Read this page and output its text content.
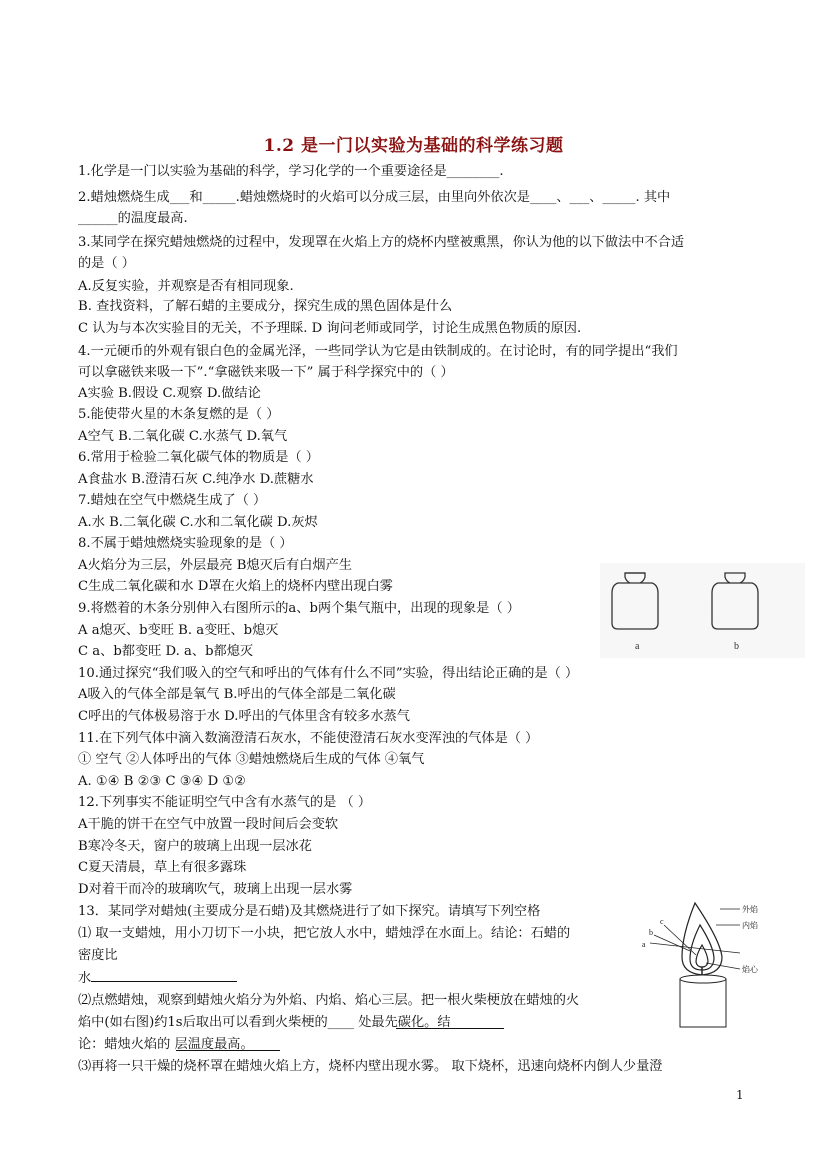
1.2 是一门以实验为基础的科学练习题
1.化学是一门以实验为基础的科学，学习化学的一个重要途径是________.
2.蜡烛燃烧生成___和_____.蜡烛燃烧时的火焰可以分成三层，由里向外依次是____、___、_____. 其中
______的温度最高.
3.某同学在探究蜡烛燃烧的过程中，发现罩在火焰上方的烧杯内壁被熏黑，你认为他的以下做法中不合适
的是（ ）
A.反复实验，并观察是否有相同现象.
B. 查找资料，了解石蜡的主要成分，探究生成的黑色固体是什么
C 认为与本次实验目的无关，不予理睬. D 询问老师或同学，讨论生成黑色物质的原因.
4.一元硬币的外观有银白色的金属光泽，一些同学认为它是由铁制成的。在讨论时，有的同学提出“我们
可以拿磁铁来吸一下”.“拿磁铁来吸一下” 属于科学探究中的（ ）
A实验 B.假设 C.观察 D.做结论
5.能使带火星的木条复燃的是（ ）
A空气 B.二氧化碳 C.水蒸气 D.氧气
6.常用于检验二氧化碳气体的物质是（ ）
A食盐水 B.澄清石灰 C.纯净水 D.蔗糖水
7.蜡烛在空气中燃烧生成了（ ）
A.水 B.二氧化碳 C.水和二氧化碳 D.灰烬
8.不属于蜡烛燃烧实验现象的是（ ）
A火焰分为三层，外层最亮 B熄灭后有白烟产生
C生成二氧化碳和水 D罩在火焰上的烧杯内壁出现白雾
9.将燃着的木条分别伸入右图所示的a、b两个集气瓶中，出现的现象是（ ）
A a熄灭、b变旺 B. a变旺、b熄灭
C a、b都变旺 D. a、b都熄灭
10.通过探究“我们吸入的空气和呼出的气体有什么不同”实验，得出结论正确的是（ ）
A吸入的气体全部是氧气 B.呼出的气体全部是二氧化碳
C呼出的气体极易溶于水 D.呼出的气体里含有较多水蒸气
11.在下列气体中滴入数滴澄清石灰水，不能使澄清石灰水变浑浊的气体是（ ）
① 空气 ②人体呼出的气体 ③蜡烛燃烧后生成的气体 ④氧气
A. ①④ B ②③ C ③④ D ①②
12.下列事实不能证明空气中含有水蒸气的是 （ ）
A干脆的饼干在空气中放置一段时间后会变软
B寒冷冬天，窗户的玻璃上出现一层冰花
C夏天清晨，草上有很多露珠
D对着干而冷的玻璃吹气，玻璃上出现一层水雾
13．某同学对蜡烛(主要成分是石蜡)及其燃烧进行了如下探究。请填写下列空格
⑴ 取一支蜡烛，用小刀切下一小块，把它放人水中，蜡烛浮在水面上。结论：石蜡的
密度比
水
⑵点燃蜡烛，观察到蜡烛火焰分为外焰、内焰、焰心三层。把一根火柴梗放在蜡烛的火
焰中(如右图)约1s后取出可以看到火柴梗的____ 处最先碳化。结
论：蜡烛火焰的 层温度最高。
⑶再将一只干燥的烧杯罩在蜡烛火焰上方，烧杯内壁出现水雾。 取下烧杯，迅速向烧杯内倒人少量澄
a	b
外焰
内焰
焰心
c
b
a
1
